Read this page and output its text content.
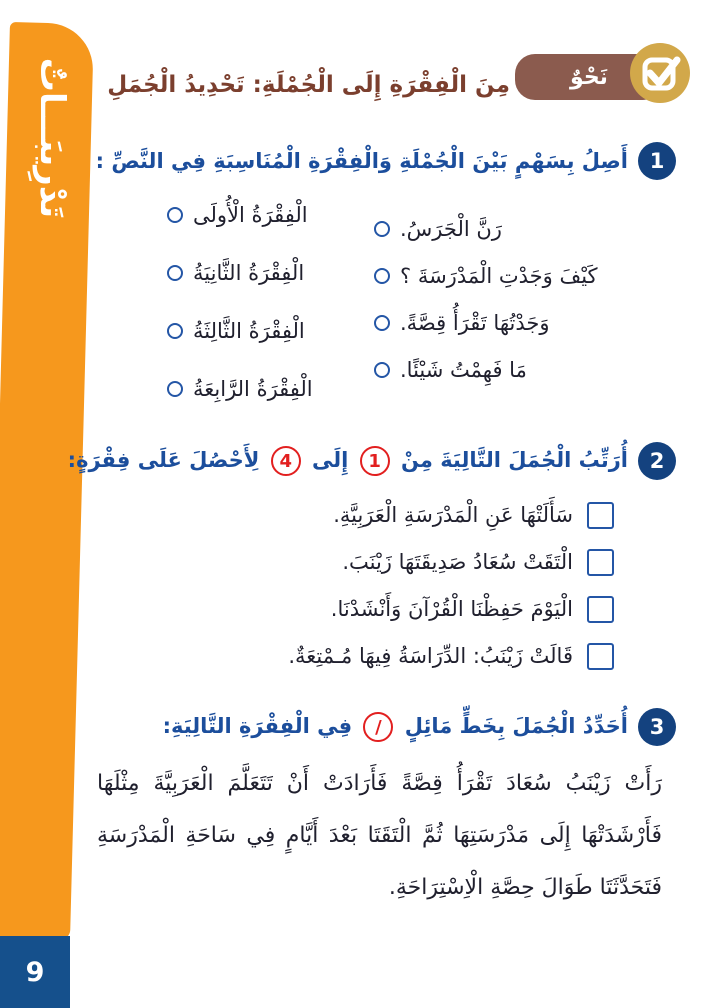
تَدْرِيبَـــاتٌ
9
نَحْوٌ
مِنَ الْفِقْرَةِ إِلَى الْجُمْلَةِ: تَحْدِيدُ الْجُمَلِ
1
أَصِلُ بِسَهْمٍ بَيْنَ الْجُمْلَةِ وَالْفِقْرَةِ الْمُنَاسِبَةِ فِي النَّصِّ :
رَنَّ الْجَرَسُ.
كَيْفَ وَجَدْتِ الْمَدْرَسَةَ ؟
وَجَدْتُهَا تَقْرَأُ قِصَّةً.
مَا فَهِمْتُ شَيْئًا.
الْفِقْرَةُ الْأُولَى
الْفِقْرَةُ الثَّانِيَةُ
الْفِقْرَةُ الثَّالِثَةُ
الْفِقْرَةُ الرَّابِعَةُ
2
أُرَتِّبُ الْجُمَلَ التَّالِيَةَ مِنْ 1 إِلَى 4 لِأَحْصُلَ عَلَى فِقْرَةٍ:
سَأَلَتْهَا عَنِ الْمَدْرَسَةِ الْعَرَبِيَّةِ.
الْتَقَتْ سُعَادُ صَدِيقَتَهَا زَيْنَبَ.
الْيَوْمَ حَفِظْنَا الْقُرْآنَ وَأَنْشَدْنَا.
قَالَتْ زَيْنَبُ: الدِّرَاسَةُ فِيهَا مُـمْتِعَةٌ.
3
أُحَدِّدُ الْجُمَلَ بِخَطٍّ مَائِلٍ / فِي الْفِقْرَةِ التَّالِيَةِ:
رَأَتْ زَيْنَبُ سُعَادَ تَقْرَأُ قِصَّةً فَأَرَادَتْ أَنْ تَتَعَلَّمَ الْعَرَبِيَّةَ مِثْلَهَا فَأَرْشَدَتْهَا إِلَى مَدْرَسَتِهَا ثُمَّ الْتَقَتَا بَعْدَ أَيَّامٍ فِي سَاحَةِ الْمَدْرَسَةِ فَتَحَدَّثَتَا طَوَالَ حِصَّةِ الْاِسْتِرَاحَةِ.
